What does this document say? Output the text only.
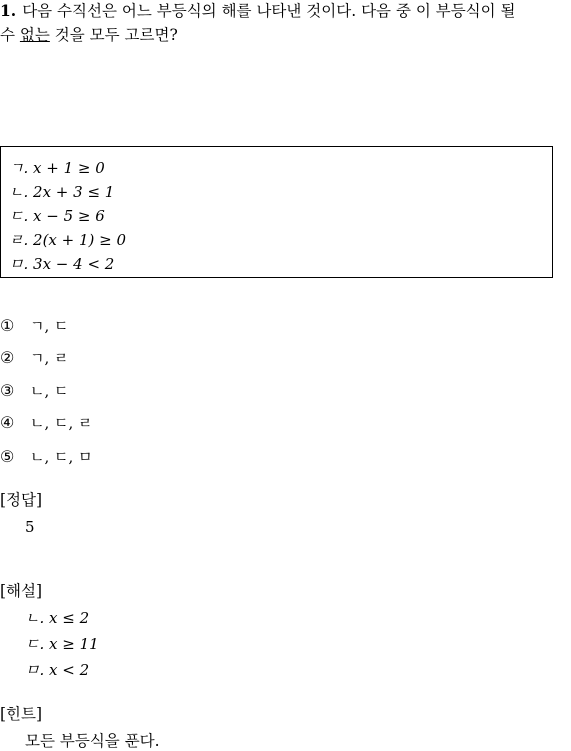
1. 다음 수직선은 어느 부등식의 해를 나타낸 것이다. 다음 중 이 부등식이 될
수 없는 것을 모두 고르면?
ㄱ. x + 1 ≥ 0
ㄴ. 2x + 3 ≤ 1
ㄷ. x − 5 ≥ 6
ㄹ. 2(x + 1) ≥ 0
ㅁ. 3x − 4 < 2
① ㄱ, ㄷ
② ㄱ, ㄹ
③ ㄴ, ㄷ
④ ㄴ, ㄷ, ㄹ
⑤ ㄴ, ㄷ, ㅁ
[정답]
5
[해설]
ㄴ. x ≤ 2
ㄷ. x ≥ 11
ㅁ. x < 2
[힌트]
모든 부등식을 푼다.
